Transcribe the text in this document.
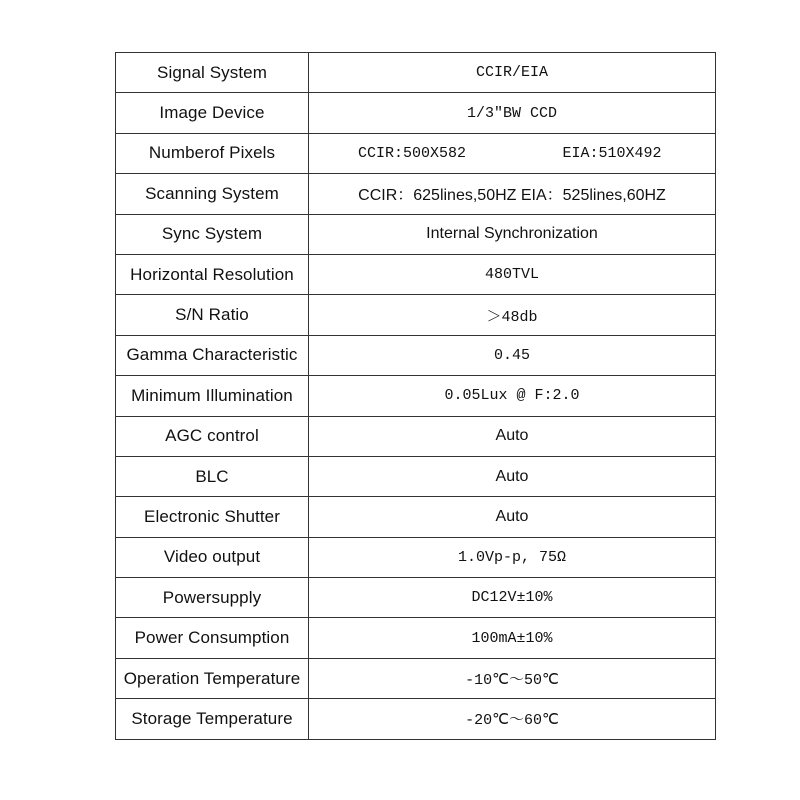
Signal System	CCIR/EIA
Image Device	1/3″BW CCD
Numberof Pixels	CCIR:500X582 EIA:510X492
Scanning System	CCIR：625lines,50HZ EIA：525lines,60HZ
Sync System	Internal Synchronization
Horizontal Resolution	480TVL
S/N Ratio	＞48db
Gamma Characteristic	0.45
Minimum Illumination	0.05Lux @ F:2.0
AGC control	Auto
BLC	Auto
Electronic Shutter	Auto
Video output	1.0Vp-p, 75Ω
Powersupply	DC12V±10%
Power Consumption	100mA±10%
Operation Temperature	-10℃～50℃
Storage Temperature	-20℃～60℃
